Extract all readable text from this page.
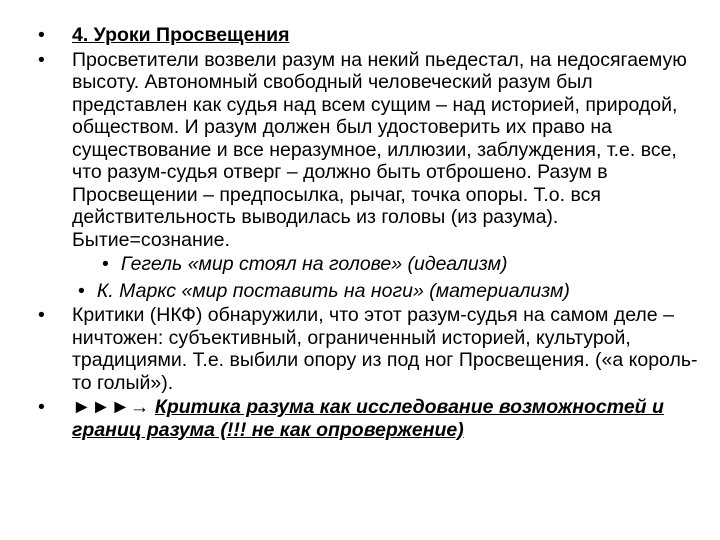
•	4. Уроки Просвещения
•	Просветители возвели разум на некий пьедестал, на недосягаемую высоту. Автономный свободный человеческий разум был представлен как судья над всем сущим – над историей, природой, обществом. И разум должен был удостоверить их право на существование и все неразумное, иллюзии, заблуждения, т.е. все, что разум-судья отверг – должно быть отброшено. Разум в Просвещении – предпосылка, рычаг, точка опоры. Т.о. вся действительность выводилась из головы (из разума). Бытие=сознание.
• Гегель «мир стоял на голове» (идеализм)
• К. Маркс «мир поставить на ноги» (материализм)
•	Критики (НКФ) обнаружили, что этот разум-судья на самом деле – ничтожен: субъективный, ограниченный историей, культурой, традициями. Т.е. выбили опору из под ног Просвещения. («а король-то голый»).
•	►►►→ Критика разума как исследование возможностей и границ разума (!!! не как опровержение)
